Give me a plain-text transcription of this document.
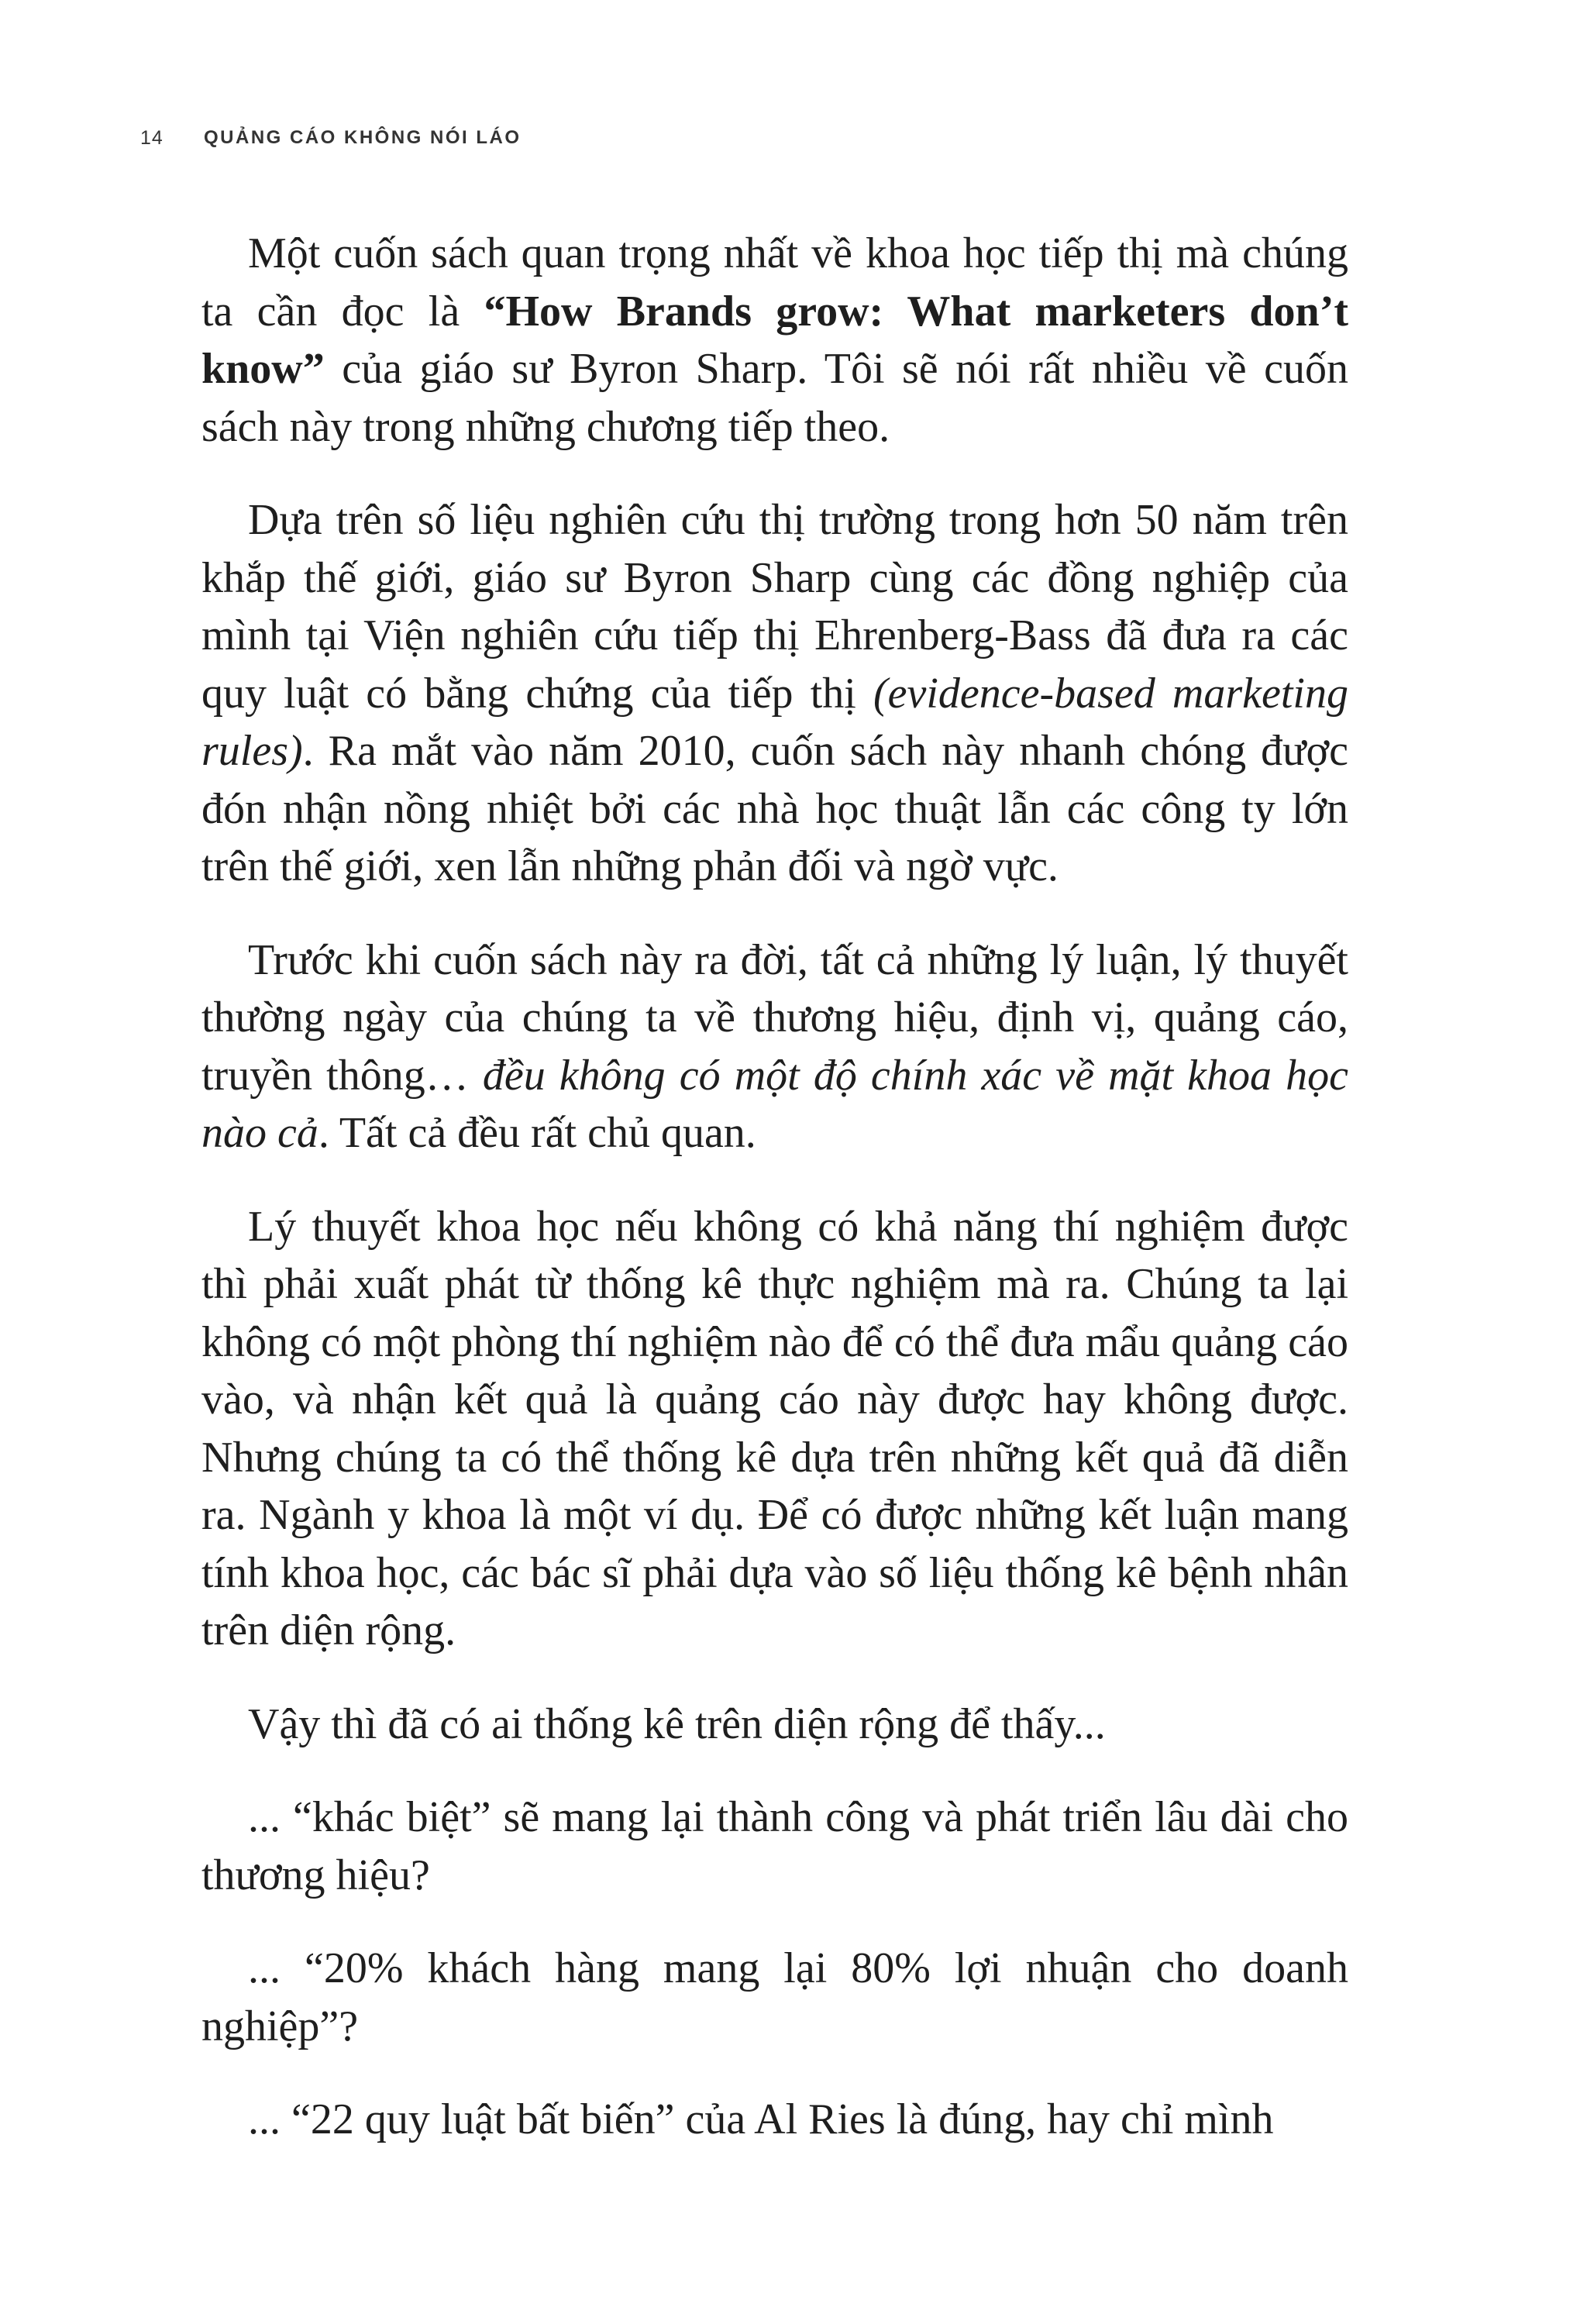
14	QUẢNG CÁO KHÔNG NÓI LÁO

Một cuốn sách quan trọng nhất về khoa học tiếp thị mà chúng ta cần đọc là “How Brands grow: What marketers don’t know” của giáo sư Byron Sharp. Tôi sẽ nói rất nhiều về cuốn sách này trong những chương tiếp theo.

Dựa trên số liệu nghiên cứu thị trường trong hơn 50 năm trên khắp thế giới, giáo sư Byron Sharp cùng các đồng nghiệp của mình tại Viện nghiên cứu tiếp thị Ehrenberg-Bass đã đưa ra các quy luật có bằng chứng của tiếp thị (evidence-based marketing rules). Ra mắt vào năm 2010, cuốn sách này nhanh chóng được đón nhận nồng nhiệt bởi các nhà học thuật lẫn các công ty lớn trên thế giới, xen lẫn những phản đối và ngờ vực.

Trước khi cuốn sách này ra đời, tất cả những lý luận, lý thuyết thường ngày của chúng ta về thương hiệu, định vị, quảng cáo, truyền thông… đều không có một độ chính xác về mặt khoa học nào cả. Tất cả đều rất chủ quan.

Lý thuyết khoa học nếu không có khả năng thí nghiệm được thì phải xuất phát từ thống kê thực nghiệm mà ra. Chúng ta lại không có một phòng thí nghiệm nào để có thể đưa mẩu quảng cáo vào, và nhận kết quả là quảng cáo này được hay không được. Nhưng chúng ta có thể thống kê dựa trên những kết quả đã diễn ra. Ngành y khoa là một ví dụ. Để có được những kết luận mang tính khoa học, các bác sĩ phải dựa vào số liệu thống kê bệnh nhân trên diện rộng.

Vậy thì đã có ai thống kê trên diện rộng để thấy...

... “khác biệt” sẽ mang lại thành công và phát triển lâu dài cho thương hiệu?

... “20% khách hàng mang lại 80% lợi nhuận cho doanh nghiệp”?

... “22 quy luật bất biến” của Al Ries là đúng, hay chỉ mình
